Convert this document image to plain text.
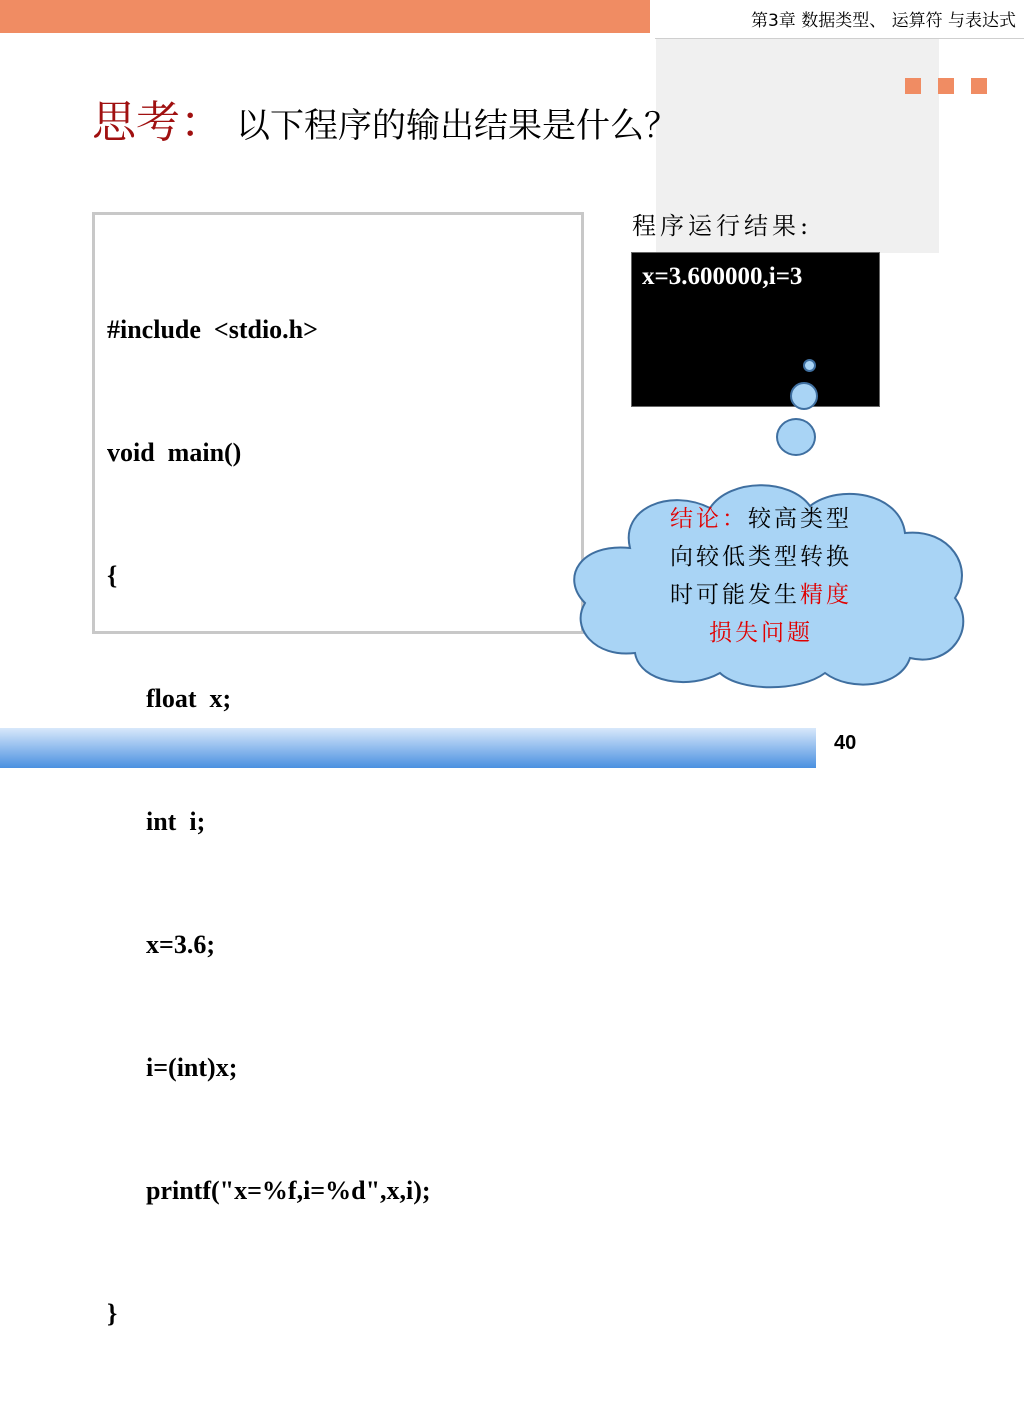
第3章 数据类型、 运算符 与表达式
思考： 以下程序的输出结果是什么？

#include  <stdio.h>

void  main()

{

float  x;

int  i;

x=3.6;

i=(int)x;

printf("x=%f,i=%d",x,i);

}

程序运行结果:
x=3.600000,i=3
结论：较高类型
向较低类型转换
时可能发生精度
损失问题
40
